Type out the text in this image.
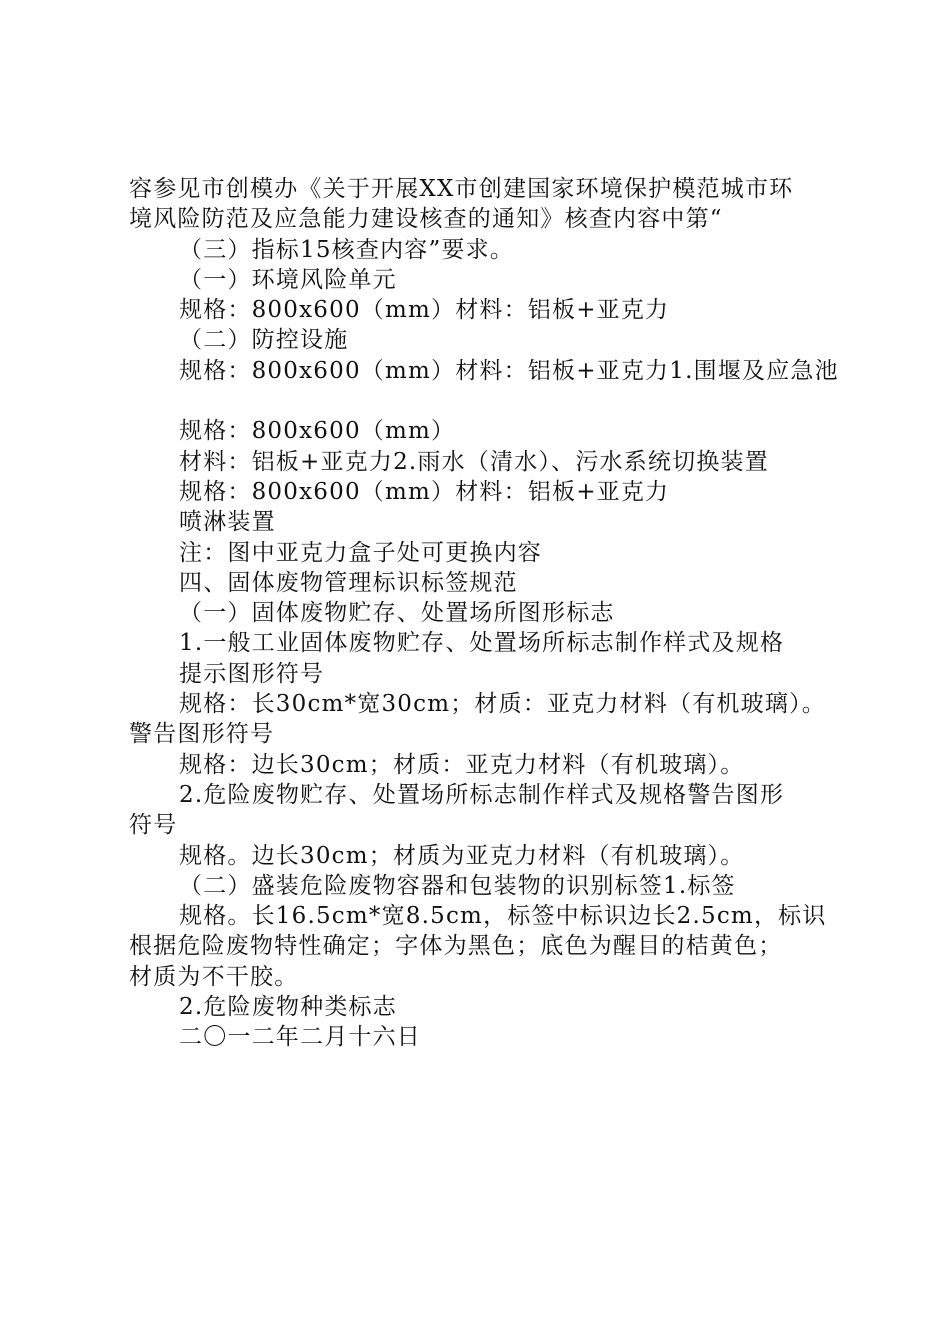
容参见市创模办《关于开展XX市创建国家环境保护模范城市环
境风险防范及应急能力建设核查的通知》核查内容中第“
（三）指标15核查内容”要求。
（一）环境风险单元
规格：800x600（mm）材料：铝板+亚克力
（二）防控设施
规格：800x600（mm）材料：铝板+亚克力1.围堰及应急池
规格：800x600（mm）
材料：铝板+亚克力2.雨水（清水）、污水系统切换装置
规格：800x600（mm）材料：铝板+亚克力
喷淋装置
注：图中亚克力盒子处可更换内容
四、固体废物管理标识标签规范
（一）固体废物贮存、处置场所图形标志
1.一般工业固体废物贮存、处置场所标志制作样式及规格
提示图形符号
规格：长30cm*宽30cm；材质：亚克力材料（有机玻璃）。
警告图形符号
规格：边长30cm；材质：亚克力材料（有机玻璃）。
2.危险废物贮存、处置场所标志制作样式及规格警告图形
符号
规格。边长30cm；材质为亚克力材料（有机玻璃）。
（二）盛装危险废物容器和包装物的识别标签1.标签
规格。长16.5cm*宽8.5cm，标签中标识边长2.5cm，标识
根据危险废物特性确定；字体为黑色；底色为醒目的桔黄色；
材质为不干胶。
2.危险废物种类标志
二〇一二年二月十六日
